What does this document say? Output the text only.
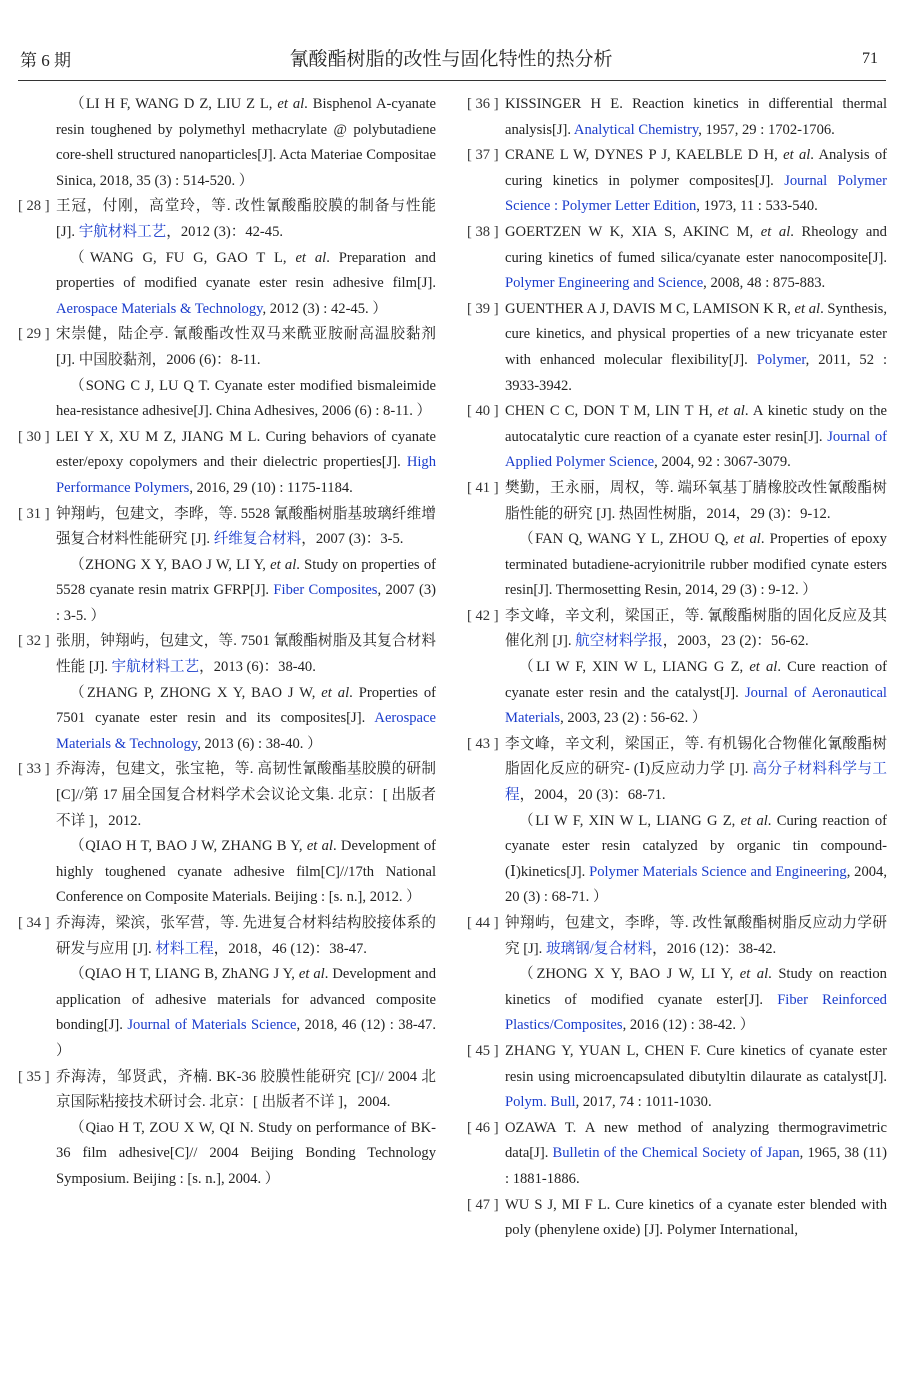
第 6 期	氰酸酯树脂的改性与固化特性的热分析	71
（LI H F, WANG D Z, LIU Z L, et al. Bisphenol A-cyanate resin toughened by polymethyl methacrylate @ polybutadiene core-shell structured nanoparticles[J]. Acta Materiae Compositae Sinica, 2018, 35 (3) : 514-520. ）
[ 28 ] 王冠，付刚，高堂玲，等. 改性氰酸酯胶膜的制备与性能 [J]. 宇航材料工艺，2012 (3)：42-45.
（WANG G, FU G, GAO T L, et al. Preparation and properties of modified cyanate ester resin adhesive film[J]. Aerospace Materials & Technology, 2012 (3) : 42-45. ）
[ 29 ] 宋崇健，陆企亭. 氰酸酯改性双马来酰亚胺耐高温胶黏剂 [J]. 中国胶黏剂，2006 (6)：8-11.
（SONG C J, LU Q T. Cyanate ester modified bismaleimide hea-resistance adhesive[J]. China Adhesives, 2006 (6) : 8-11. ）
[ 30 ] LEI Y X, XU M Z, JIANG M L. Curing behaviors of cyanate ester/epoxy copolymers and their dielectric properties[J]. High Performance Polymers, 2016, 29 (10) : 1175-1184.
[ 31 ] 钟翔屿，包建文，李晔，等. 5528 氰酸酯树脂基玻璃纤维增强复合材料性能研究 [J]. 纤维复合材料，2007 (3)：3-5.
（ZHONG X Y, BAO J W, LI Y, et al. Study on properties of 5528 cyanate resin matrix GFRP[J]. Fiber Composites, 2007 (3) : 3-5. ）
[ 32 ] 张朋，钟翔屿，包建文，等. 7501 氰酸酯树脂及其复合材料性能 [J]. 宇航材料工艺，2013 (6)：38-40.
（ZHANG P, ZHONG X Y, BAO J W, et al. Properties of 7501 cyanate ester resin and its composites[J]. Aerospace Materials & Technology, 2013 (6) : 38-40. ）
[ 33 ] 乔海涛，包建文，张宝艳，等. 高韧性氰酸酯基胶膜的研制 [C]//第 17 届全国复合材料学术会议论文集. 北京：[ 出版者不详 ]，2012.
（QIAO H T, BAO J W, ZHANG B Y, et al. Development of highly toughened cyanate adhesive film[C]//17th National Conference on Composite Materials. Beijing : [s. n.], 2012. ）
[ 34 ] 乔海涛，梁滨，张军营，等. 先进复合材料结构胶接体系的研发与应用 [J]. 材料工程，2018，46 (12)：38-47.
（QIAO H T, LIANG B, ZhANG J Y, et al. Development and application of adhesive materials for advanced composite bonding[J]. Journal of Materials Science, 2018, 46 (12) : 38-47. ）
[ 35 ] 乔海涛，邹贤武，齐楠. BK-36 胶膜性能研究 [C]// 2004 北京国际粘接技术研讨会. 北京：[ 出版者不详 ]，2004.
（Qiao H T, ZOU X W, QI N. Study on performance of BK-36 film adhesive[C]// 2004 Beijing Bonding Technology Symposium. Beijing : [s. n.], 2004. ）
[ 36 ] KISSINGER H E. Reaction kinetics in differential thermal analysis[J]. Analytical Chemistry, 1957, 29 : 1702-1706.
[ 37 ] CRANE L W, DYNES P J, KAELBLE D H, et al. Analysis of curing kinetics in polymer composites[J]. Journal Polymer Science : Polymer Letter Edition, 1973, 11 : 533-540.
[ 38 ] GOERTZEN W K, XIA S, AKINC M, et al. Rheology and curing kinetics of fumed silica/cyanate ester nanocomposite[J]. Polymer Engineering and Science, 2008, 48 : 875-883.
[ 39 ] GUENTHER A J, DAVIS M C, LAMISON K R, et al. Synthesis, cure kinetics, and physical properties of a new tricyanate ester with enhanced molecular flexibility[J]. Polymer, 2011, 52 : 3933-3942.
[ 40 ] CHEN C C, DON T M, LIN T H, et al. A kinetic study on the autocatalytic cure reaction of a cyanate ester resin[J]. Journal of Applied Polymer Science, 2004, 92 : 3067-3079.
[ 41 ] 樊勤，王永丽，周权，等. 端环氧基丁腈橡胶改性氰酸酯树脂性能的研究 [J]. 热固性树脂，2014，29 (3)：9-12.
（FAN Q, WANG Y L, ZHOU Q, et al. Properties of epoxy terminated butadiene-acryionitrile rubber modified cynate esters resin[J]. Thermosetting Resin, 2014, 29 (3) : 9-12. ）
[ 42 ] 李文峰，辛文利，梁国正，等. 氰酸酯树脂的固化反应及其催化剂 [J]. 航空材料学报，2003，23 (2)：56-62.
（LI W F, XIN W L, LIANG G Z, et al. Cure reaction of cyanate ester resin and the catalyst[J]. Journal of Aeronautical Materials, 2003, 23 (2) : 56-62. ）
[ 43 ] 李文峰，辛文利，梁国正，等. 有机锡化合物催化氰酸酯树脂固化反应的研究- (Ⅰ)反应动力学 [J]. 高分子材料科学与工程，2004，20 (3)：68-71.
（LI W F, XIN W L, LIANG G Z, et al. Curing reaction of cyanate ester resin catalyzed by organic tin compound-(Ⅰ)kinetics[J]. Polymer Materials Science and Engineering, 2004, 20 (3) : 68-71. ）
[ 44 ] 钟翔屿，包建文，李晔，等. 改性氰酸酯树脂反应动力学研究 [J]. 玻璃钢/复合材料，2016 (12)：38-42.
（ZHONG X Y, BAO J W, LI Y, et al. Study on reaction kinetics of modified cyanate ester[J]. Fiber Reinforced Plastics/Composites, 2016 (12) : 38-42. ）
[ 45 ] ZHANG Y, YUAN L, CHEN F. Cure kinetics of cyanate ester resin using microencapsulated dibutyltin dilaurate as catalyst[J]. Polym. Bull, 2017, 74 : 1011-1030.
[ 46 ] OZAWA T. A new method of analyzing thermogravimetric data[J]. Bulletin of the Chemical Society of Japan, 1965, 38 (11) : 1881-1886.
[ 47 ] WU S J, MI F L. Cure kinetics of a cyanate ester blended with poly (phenylene oxide) [J]. Polymer International,
